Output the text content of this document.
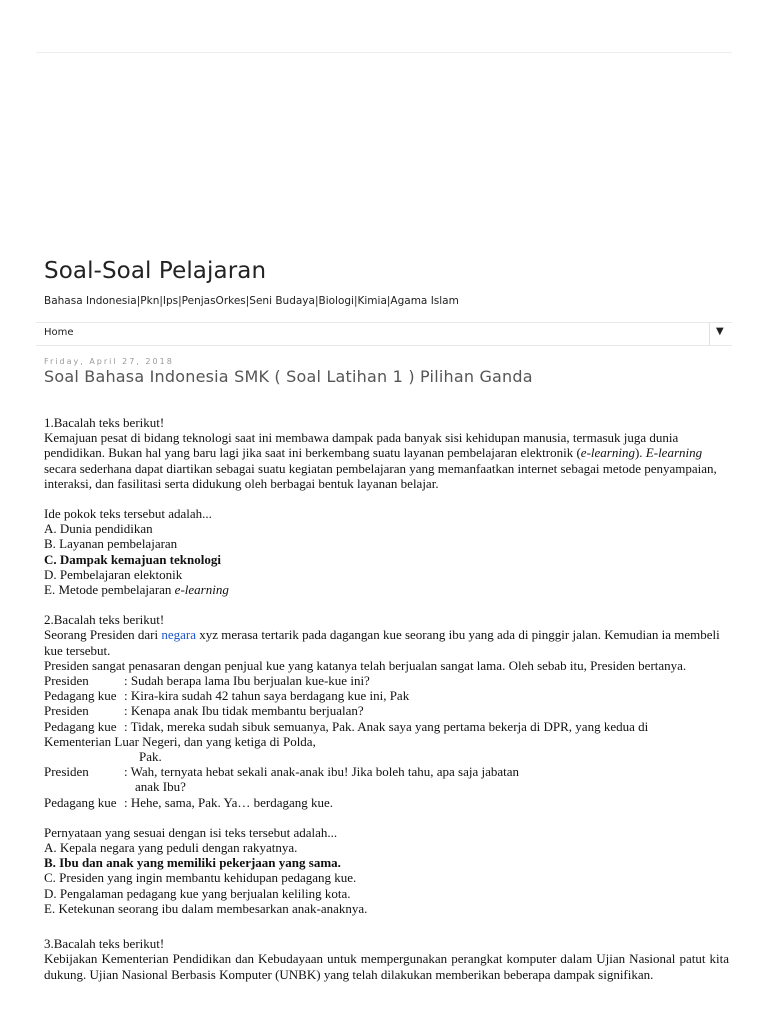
Soal-Soal Pelajaran
Bahasa Indonesia|Pkn|Ips|PenjasOrkes|Seni Budaya|Biologi|Kimia|Agama Islam
Home	▼
Friday, April 27, 2018
Soal Bahasa Indonesia SMK ( Soal Latihan 1 ) Pilihan Ganda

1.Bacalah teks berikut!

Kemajuan pesat di bidang teknologi saat ini membawa dampak pada banyak sisi kehidupan manusia, termasuk juga dunia pendidikan. Bukan hal yang baru lagi jika saat ini berkembang suatu layanan pembelajaran elektronik (e-learning). E-learning secara sederhana dapat diartikan sebagai suatu kegiatan pembelajaran yang memanfaatkan internet sebagai metode penyampaian, interaksi, dan fasilitasi serta didukung oleh berbagai bentuk layanan belajar.

Ide pokok teks tersebut adalah...

A. Dunia pendidikan

B. Layanan pembelajaran

C. Dampak kemajuan teknologi

D. Pembelajaran elektonik

E. Metode pembelajaran e-learning

2.Bacalah teks berikut!

Seorang Presiden dari negara xyz merasa tertarik pada dagangan kue seorang ibu yang ada di pinggir jalan. Kemudian ia membeli kue tersebut.

Presiden sangat penasaran dengan penjual kue yang katanya telah berjualan sangat lama. Oleh sebab itu, Presiden bertanya.

Presiden	: Sudah berapa lama Ibu berjualan kue-kue ini?
Pedagang kue : Kira-kira sudah 42 tahun saya berdagang kue ini, Pak
Presiden	: Kenapa anak Ibu tidak membantu berjualan?
Pedagang kue : Tidak, mereka sudah sibuk semuanya, Pak. Anak saya yang pertama bekerja di DPR, yang kedua di

Kementerian Luar Negeri, dan yang ketiga di Polda,

Pak.

Presiden	: Wah, ternyata hebat sekali anak-anak ibu! Jika boleh tahu, apa saja jabatan

anak Ibu?

Pedagang kue : Hehe, sama, Pak. Ya… berdagang kue.

Pernyataan yang sesuai dengan isi teks tersebut adalah...

A. Kepala negara yang peduli dengan rakyatnya.

B. Ibu dan anak yang memiliki pekerjaan yang sama.

C. Presiden yang ingin membantu kehidupan pedagang kue.

D. Pengalaman pedagang kue yang berjualan keliling kota.

E. Ketekunan seorang ibu dalam membesarkan anak-anaknya.

3.Bacalah teks berikut!

Kebijakan Kementerian Pendidikan dan Kebudayaan untuk mempergunakan perangkat komputer dalam Ujian Nasional patut kita dukung. Ujian Nasional Berbasis Komputer (UNBK) yang telah dilakukan memberikan beberapa dampak signifikan.
